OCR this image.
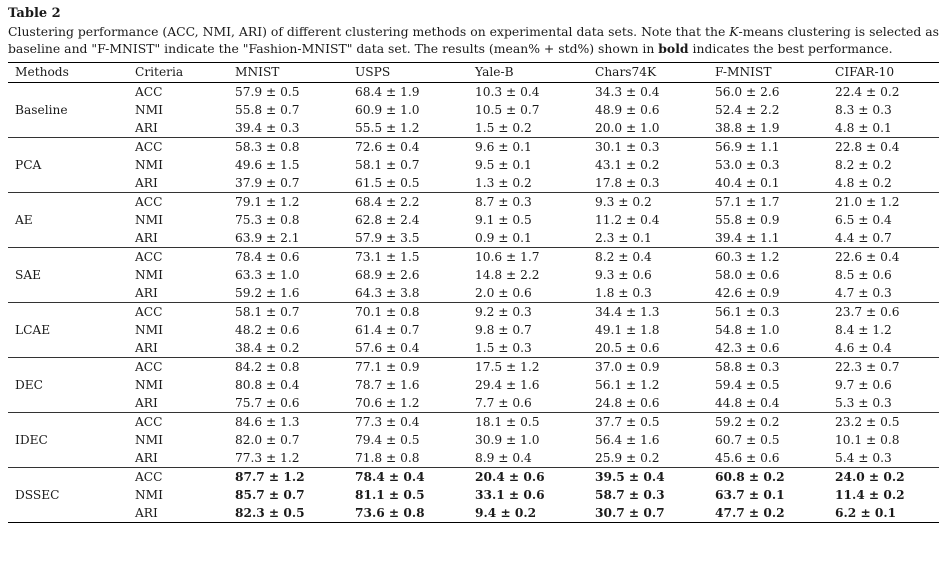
Table 2
Clustering performance (ACC, NMI, ARI) of different clustering methods on experimental data sets. Note that the K-means clustering is selected as baseline and "F-MNIST" indicate the "Fashion-MNIST" data set. The results (mean% + std%) shown in bold indicates the best performance.
Methods	Criteria	MNIST	USPS	Yale-B	Chars74K	F-MNIST	CIFAR-10
Baseline	ACC	57.9 ± 0.5	68.4 ± 1.9	10.3 ± 0.4	34.3 ± 0.4	56.0 ± 2.6	22.4 ± 0.2
	NMI	55.8 ± 0.7	60.9 ± 1.0	10.5 ± 0.7	48.9 ± 0.6	52.4 ± 2.2	8.3 ± 0.3
	ARI	39.4 ± 0.3	55.5 ± 1.2	1.5 ± 0.2	20.0 ± 1.0	38.8 ± 1.9	4.8 ± 0.1
PCA	ACC	58.3 ± 0.8	72.6 ± 0.4	9.6 ± 0.1	30.1 ± 0.3	56.9 ± 1.1	22.8 ± 0.4
	NMI	49.6 ± 1.5	58.1 ± 0.7	9.5 ± 0.1	43.1 ± 0.2	53.0 ± 0.3	8.2 ± 0.2
	ARI	37.9 ± 0.7	61.5 ± 0.5	1.3 ± 0.2	17.8 ± 0.3	40.4 ± 0.1	4.8 ± 0.2
AE	ACC	79.1 ± 1.2	68.4 ± 2.2	8.7 ± 0.3	9.3 ± 0.2	57.1 ± 1.7	21.0 ± 1.2
	NMI	75.3 ± 0.8	62.8 ± 2.4	9.1 ± 0.5	11.2 ± 0.4	55.8 ± 0.9	6.5 ± 0.4
	ARI	63.9 ± 2.1	57.9 ± 3.5	0.9 ± 0.1	2.3 ± 0.1	39.4 ± 1.1	4.4 ± 0.7
SAE	ACC	78.4 ± 0.6	73.1 ± 1.5	10.6 ± 1.7	8.2 ± 0.4	60.3 ± 1.2	22.6 ± 0.4
	NMI	63.3 ± 1.0	68.9 ± 2.6	14.8 ± 2.2	9.3 ± 0.6	58.0 ± 0.6	8.5 ± 0.6
	ARI	59.2 ± 1.6	64.3 ± 3.8	2.0 ± 0.6	1.8 ± 0.3	42.6 ± 0.9	4.7 ± 0.3
LCAE	ACC	58.1 ± 0.7	70.1 ± 0.8	9.2 ± 0.3	34.4 ± 1.3	56.1 ± 0.3	23.7 ± 0.6
	NMI	48.2 ± 0.6	61.4 ± 0.7	9.8 ± 0.7	49.1 ± 1.8	54.8 ± 1.0	8.4 ± 1.2
	ARI	38.4 ± 0.2	57.6 ± 0.4	1.5 ± 0.3	20.5 ± 0.6	42.3 ± 0.6	4.6 ± 0.4
DEC	ACC	84.2 ± 0.8	77.1 ± 0.9	17.5 ± 1.2	37.0 ± 0.9	58.8 ± 0.3	22.3 ± 0.7
	NMI	80.8 ± 0.4	78.7 ± 1.6	29.4 ± 1.6	56.1 ± 1.2	59.4 ± 0.5	9.7 ± 0.6
	ARI	75.7 ± 0.6	70.6 ± 1.2	7.7 ± 0.6	24.8 ± 0.6	44.8 ± 0.4	5.3 ± 0.3
IDEC	ACC	84.6 ± 1.3	77.3 ± 0.4	18.1 ± 0.5	37.7 ± 0.5	59.2 ± 0.2	23.2 ± 0.5
	NMI	82.0 ± 0.7	79.4 ± 0.5	30.9 ± 1.0	56.4 ± 1.6	60.7 ± 0.5	10.1 ± 0.8
	ARI	77.3 ± 1.2	71.8 ± 0.8	8.9 ± 0.4	25.9 ± 0.2	45.6 ± 0.6	5.4 ± 0.3
DSSEC	ACC	87.7 ± 1.2	78.4 ± 0.4	20.4 ± 0.6	39.5 ± 0.4	60.8 ± 0.2	24.0 ± 0.2
	NMI	85.7 ± 0.7	81.1 ± 0.5	33.1 ± 0.6	58.7 ± 0.3	63.7 ± 0.1	11.4 ± 0.2
	ARI	82.3 ± 0.5	73.6 ± 0.8	9.4 ± 0.2	30.7 ± 0.7	47.7 ± 0.2	6.2 ± 0.1
